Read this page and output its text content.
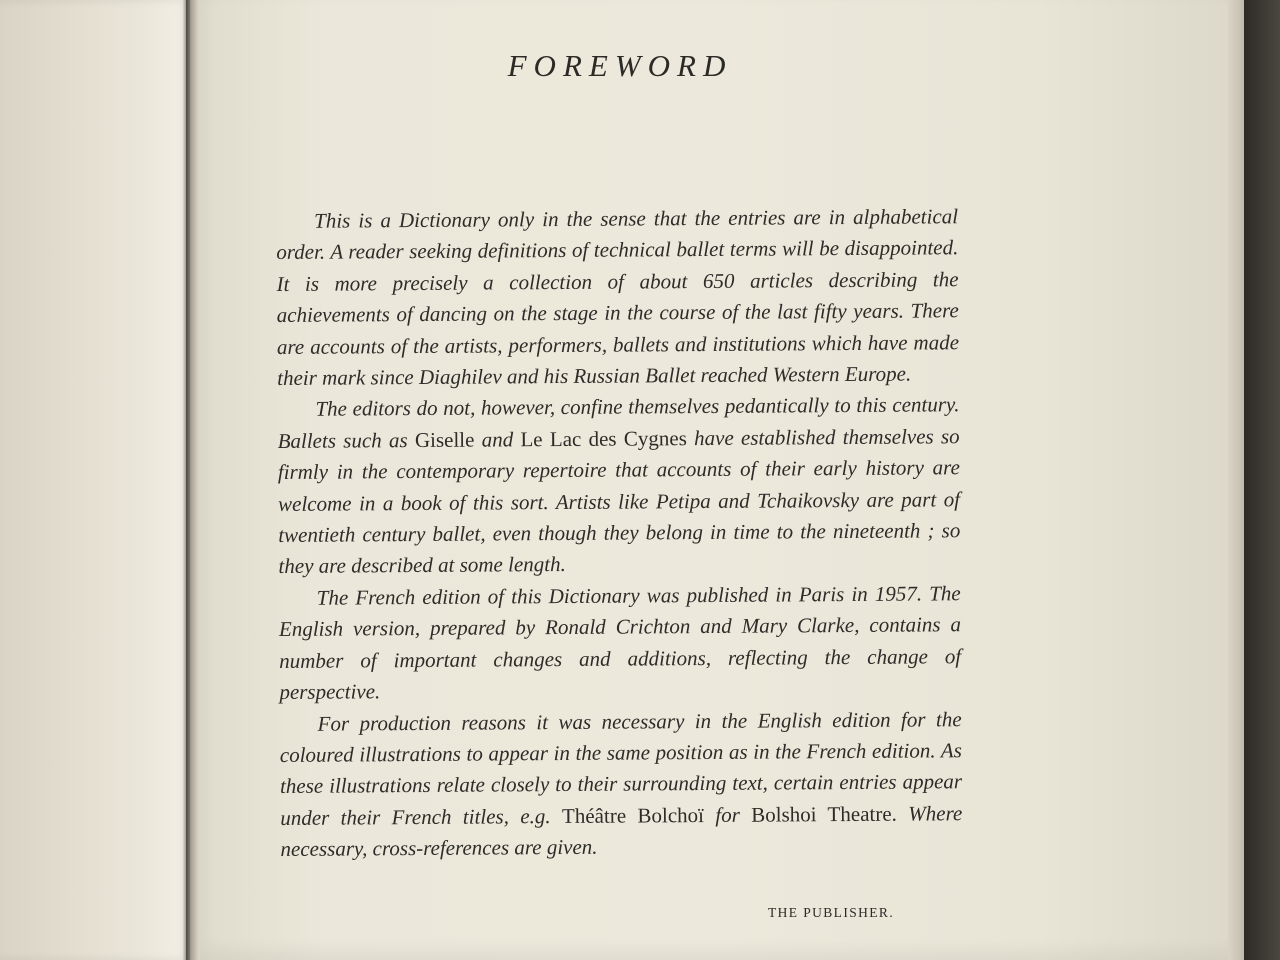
FOREWORD

This is a Dictionary only in the sense that the entries are in alphabetical order. A reader seeking definitions of technical ballet terms will be disappointed. It is more precisely a collection of about 650 articles describing the achievements of dancing on the stage in the course of the last fifty years. There are accounts of the artists, performers, ballets and institutions which have made their mark since Diaghilev and his Russian Ballet reached Western Europe.

The editors do not, however, confine themselves pedantically to this century. Ballets such as Giselle and Le Lac des Cygnes have established themselves so firmly in the contemporary repertoire that accounts of their early history are welcome in a book of this sort. Artists like Petipa and Tchaikovsky are part of twentieth century ballet, even though they belong in time to the nineteenth ; so they are described at some length.

The French edition of this Dictionary was published in Paris in 1957. The English version, prepared by Ronald Crichton and Mary Clarke, contains a number of important changes and additions, reflecting the change of perspective.

For production reasons it was necessary in the English edition for the coloured illustrations to appear in the same position as in the French edition. As these illustrations relate closely to their surrounding text, certain entries appear under their French titles, e.g. Théâtre Bolchoï for Bolshoi Theatre. Where necessary, cross-references are given.

THE PUBLISHER.
